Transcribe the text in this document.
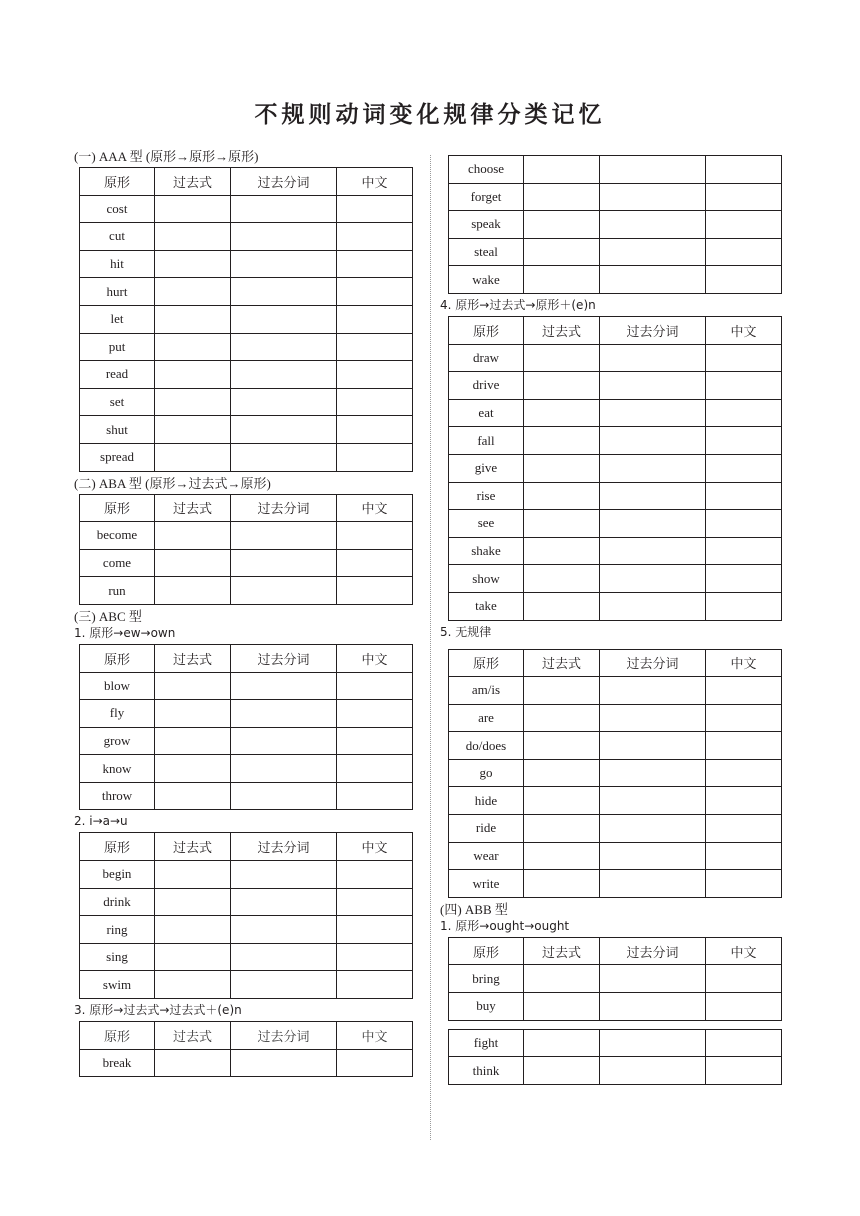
不规则动词变化规律分类记忆
(一) AAA 型 (原形→原形→原形)
原形	过去式	过去分词	中文
cost			
cut			
hit			
hurt			
let			
put			
read			
set			
shut			
spread			
(二) ABA 型 (原形→过去式→原形)
原形	过去式	过去分词	中文
become			
come			
run			
(三) ABC 型
1. 原形→ew→own
原形	过去式	过去分词	中文
blow			
fly			
grow			
know			
throw			
2. i→a→u
原形	过去式	过去分词	中文
begin			
drink			
ring			
sing			
swim			
3. 原形→过去式→过去式＋(e)n
原形	过去式	过去分词	中文
break			
choose			
forget			
speak			
steal			
wake			
4. 原形→过去式→原形＋(e)n
原形	过去式	过去分词	中文
draw			
drive			
eat			
fall			
give			
rise			
see			
shake			
show			
take			
5. 无规律
原形	过去式	过去分词	中文
am/is			
are			
do/does			
go			
hide			
ride			
wear			
write			
(四) ABB 型
1. 原形→ought→ought
原形	过去式	过去分词	中文
bring			
buy			
fight			
think			
